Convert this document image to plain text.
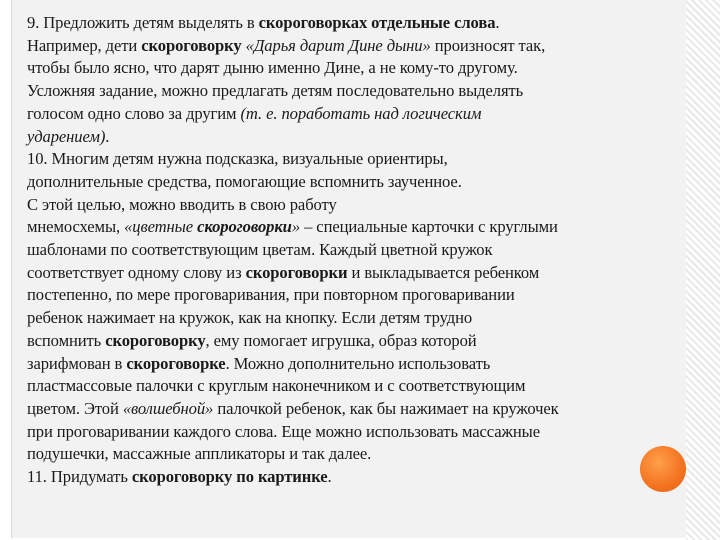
9. Предложить детям выделять в скороговорках отдельные слова.
Например, дети скороговорку «Дарья дарит Дине дыни» произносят так,
чтобы было ясно, что дарят дыню именно Дине, а не кому-то другому.
Усложняя задание, можно предлагать детям последовательно выделять
голосом одно слово за другим (т. е. поработать над логическим
ударением).
10. Многим детям нужна подсказка, визуальные ориентиры,
дополнительные средства, помогающие вспомнить заученное.
С этой целью, можно вводить в свою работу
мнемосхемы, «цветные скороговорки» – специальные карточки с круглыми
шаблонами по соответствующим цветам. Каждый цветной кружок
соответствует одному слову из скороговорки и выкладывается ребенком
постепенно, по мере проговаривания, при повторном проговаривании
ребенок нажимает на кружок, как на кнопку. Если детям трудно
вспомнить скороговорку, ему помогает игрушка, образ которой
зарифмован в скороговорке. Можно дополнительно использовать
пластмассовые палочки с круглым наконечником и с соответствующим
цветом. Этой «волшебной» палочкой ребенок, как бы нажимает на кружочек
при проговаривании каждого слова. Еще можно использовать массажные
подушечки, массажные аппликаторы и так далее.
11. Придумать скороговорку по картинке.
